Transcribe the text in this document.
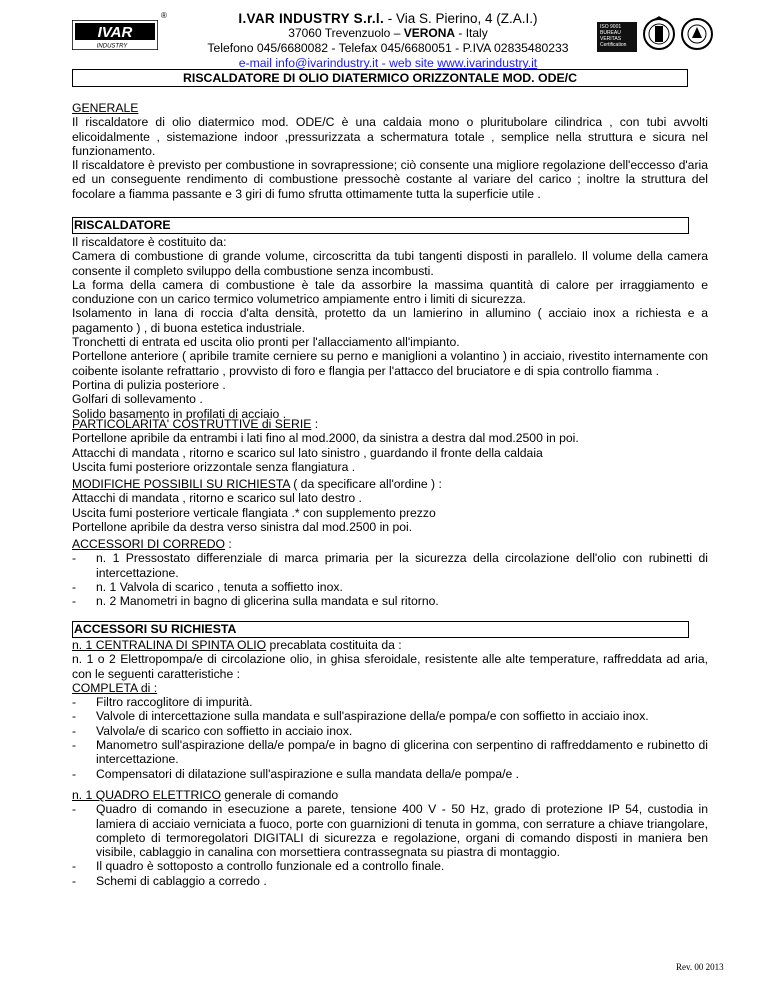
IVAR
INDUSTRY
®	I.VAR INDUSTRY S.r.l. - Via S. Pierino, 4 (Z.A.I.)
37060 Trevenzuolo – VERONA - Italy
Telefono 045/6680082 - Telefax 045/6680051 - P.IVA 02835480233
e-mail info@ivarindustry.it - web site www.ivarindustry.it
ISO 9001 BUREAU VERITAS Certification
RISCALDATORE DI OLIO DIATERMICO ORIZZONTALE MOD. ODE/C

GENERALE

Il riscaldatore di olio diatermico mod. ODE/C è una caldaia mono o pluritubolare cilindrica , con tubi avvolti elicoidalmente , sistemazione indoor ,pressurizzata a schermatura totale , semplice nella struttura e sicura nel funzionamento.

Il riscaldatore è previsto per combustione in sovrapressione; ciò consente una migliore regolazione dell'eccesso d'aria ed un conseguente rendimento di combustione pressochè costante al variare del carico ; inoltre la struttura del focolare a fiamma passante e 3 giri di fumo sfrutta ottimamente tutta la superficie utile .

RISCALDATORE

Il riscaldatore è costituito da:

Camera di combustione di grande volume, circoscritta da tubi tangenti disposti in parallelo. Il volume della camera consente il completo sviluppo della combustione senza incombusti.

La forma della camera di combustione è tale da assorbire la massima quantità di calore per irraggiamento e conduzione con un carico termico volumetrico ampiamente entro i limiti di sicurezza.

Isolamento in lana di roccia d'alta densità, protetto da un lamierino in allumino ( acciaio inox a richiesta e a pagamento ) , di buona estetica industriale.

Tronchetti di entrata ed uscita olio pronti per l'allacciamento all'impianto.

Portellone anteriore ( apribile tramite cerniere su perno e maniglioni a volantino ) in acciaio, rivestito internamente con coibente isolante refrattario , provvisto di foro e flangia per l'attacco del bruciatore e di spia controllo fiamma .

Portina di pulizia posteriore .

Golfari di sollevamento .

Solido basamento in profilati di acciaio .

PARTICOLARITA' COSTRUTTIVE di SERIE :

Portellone apribile da entrambi i lati fino al mod.2000, da sinistra a destra dal mod.2500 in poi.

Attacchi di mandata , ritorno e scarico sul lato sinistro , guardando il fronte della caldaia

Uscita fumi posteriore orizzontale senza flangiatura .

MODIFICHE POSSIBILI SU RICHIESTA ( da specificare all'ordine ) :

Attacchi di mandata , ritorno e scarico sul lato destro .

Uscita fumi posteriore verticale flangiata .* con supplemento prezzo

Portellone apribile da destra verso sinistra dal mod.2500 in poi.

ACCESSORI DI CORREDO :

- n. 1 Pressostato differenziale di marca primaria per la sicurezza della circolazione dell'olio con rubinetti di intercettazione.
- n. 1 Valvola di scarico , tenuta a soffietto inox.
- n. 2 Manometri in bagno di glicerina sulla mandata e sul ritorno.
ACCESSORI SU RICHIESTA

n. 1 CENTRALINA DI SPINTA OLIO precablata costituita da :

n. 1 o 2 Elettropompa/e di circolazione olio, in ghisa sferoidale, resistente alle alte temperature, raffreddata ad aria, con le seguenti caratteristiche :

COMPLETA di :

- Filtro raccoglitore di impurità.
- Valvole di intercettazione sulla mandata e sull'aspirazione della/e pompa/e con soffietto in acciaio inox.
- Valvola/e di scarico con soffietto in acciaio inox.
- Manometro sull'aspirazione della/e pompa/e in bagno di glicerina con serpentino di raffreddamento e rubinetto di intercettazione.
- Compensatori di dilatazione sull'aspirazione e sulla mandata della/e pompa/e .

n. 1 QUADRO ELETTRICO generale di comando

- Quadro di comando in esecuzione a parete, tensione 400 V - 50 Hz, grado di protezione IP 54, custodia in lamiera di acciaio verniciata a fuoco, porte con guarnizioni di tenuta in gomma, con serrature a chiave triangolare, completo di termoregolatori DIGITALI di sicurezza e regolazione, organi di comando disposti in maniera ben visibile, cablaggio in canalina con morsettiera contrassegnata su piastra di montaggio.
- Il quadro è sottoposto a controllo funzionale ed a controllo finale.
- Schemi di cablaggio a corredo .
Rev. 00 2013
